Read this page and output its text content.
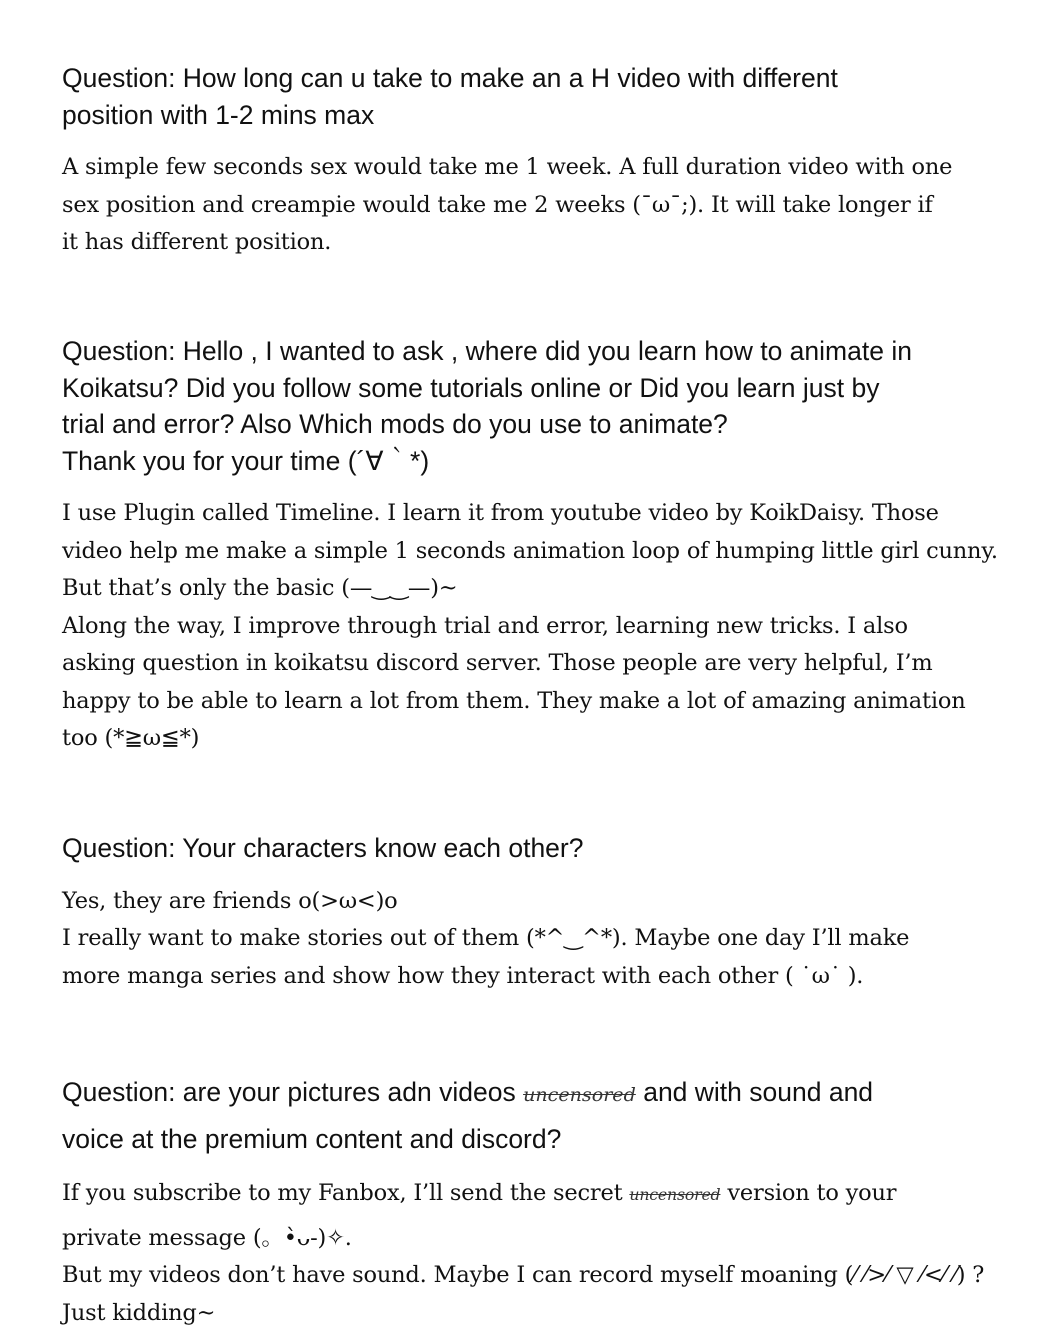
Question: How long can u take to make an a H video with different
position with 1-2 mins max

A simple few seconds sex would take me 1 week. A full duration video with one
sex position and creampie would take me 2 weeks (¯ω¯;). It will take longer if
it has different position.

Question: Hello , I wanted to ask , where did you learn how to animate in
Koikatsu? Did you follow some tutorials online or Did you learn just by
trial and error? Also Which mods do you use to animate?
Thank you for your time (´∀｀*)

I use Plugin called Timeline. I learn it from youtube video by KoikDaisy. Those
video help me make a simple 1 seconds animation loop of humping little girl cunny.
But that’s only the basic (—‿‿—)~
Along the way, I improve through trial and error, learning new tricks. I also
asking question in koikatsu discord server. Those people are very helpful, I’m
happy to be able to learn a lot from them. They make a lot of amazing animation
too (*≧ω≦*)

Question: Your characters know each other?

Yes, they are friends o(>ω<)o
I really want to make stories out of them (*^‿^*). Maybe one day I’ll make
more manga series and show how they interact with each other ( ˙ω˙ ).

Question: are your pictures adn videos uncensored and with sound and
voice at the premium content and discord?

If you subscribe to my Fanbox, I’ll send the secret uncensored version to your
private message (。•̀ᴗ-)✧.
But my videos don’t have sound. Maybe I can record myself moaning (⁄ ⁄>⁄ ▽ ⁄<⁄ ⁄) ?
Just kidding~
